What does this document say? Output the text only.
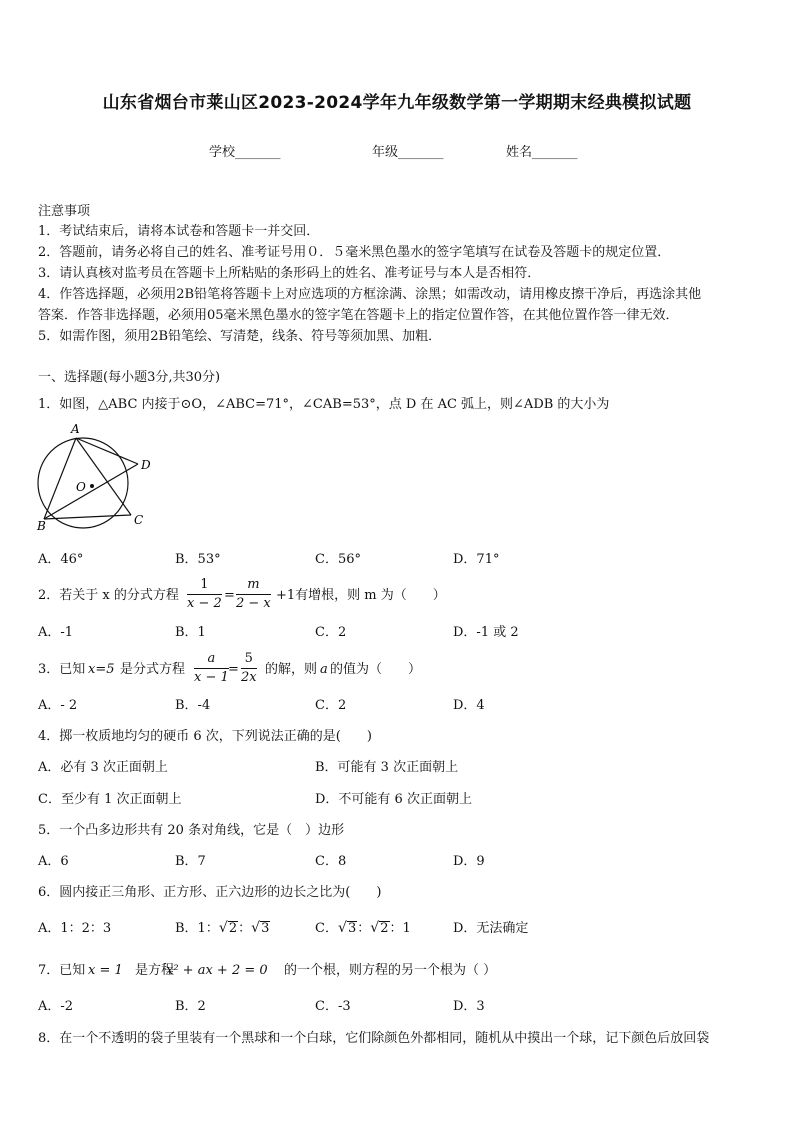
山东省烟台市莱山区2023-2024学年九年级数学第一学期期末经典模拟试题
学校_______	年级_______	姓名_______
注意事项
1．考试结束后，请将本试卷和答题卡一并交回．
2．答题前，请务必将自己的姓名、准考证号用０．５毫米黑色墨水的签字笔填写在试卷及答题卡的规定位置．
3．请认真核对监考员在答题卡上所粘贴的条形码上的姓名、准考证号与本人是否相符．
4．作答选择题，必须用2B铅笔将答题卡上对应选项的方框涂满、涂黑；如需改动，请用橡皮擦干净后，再选涂其他
答案．作答非选择题，必须用05毫米黑色墨水的签字笔在答题卡上的指定位置作答，在其他位置作答一律无效．
5．如需作图，须用2B铅笔绘、写清楚，线条、符号等须加黑、加粗．
一、选择题(每小题3分,共30分)
1．如图，△ABC 内接于⊙O，∠ABC=71°，∠CAB=53°，点 D 在 AC 弧上，则∠ADB 的大小为
A
D
O
B	C
A．46°	B．53°	C．56°	D．71°
2．若关于 x 的分式方程 $\frac{1}{x - 2} = \frac{m}{2 - x} +1$有增根，则 m 为（　　）
A．-1	B．1	C．2	D．-1 或 2
3．已知 x=5 是分式方程 $\frac{a}{x - 1} = \frac{5}{2x}$ 的解，则 a 的值为（　　）
A．- 2	B．-4	C．2	D．4
4．掷一枚质地均匀的硬币 6 次，下列说法正确的是(　　)
A．必有 3 次正面朝上	B．可能有 3 次正面朝上
C．至少有 1 次正面朝上	D．不可能有 6 次正面朝上
5．一个凸多边形共有 20 条对角线，它是（　）边形
A．6	B．7	C．8	D．9
6．圆内接正三角形、正方形、正六边形的边长之比为(　　)
A．1：2：3	B．1： √ 2： √ 3	C． √ 3： √ 2：1	D．无法确定
7．已知 x = 1 是方程
x² + ax + 2 = 0 的一个根，则方程的另一个根为（ ）
A．-2	B．2	C．-3	D．3
8．在一个不透明的袋子里装有一个黑球和一个白球，它们除颜色外都相同，随机从中摸出一个球，记下颜色后放回袋
